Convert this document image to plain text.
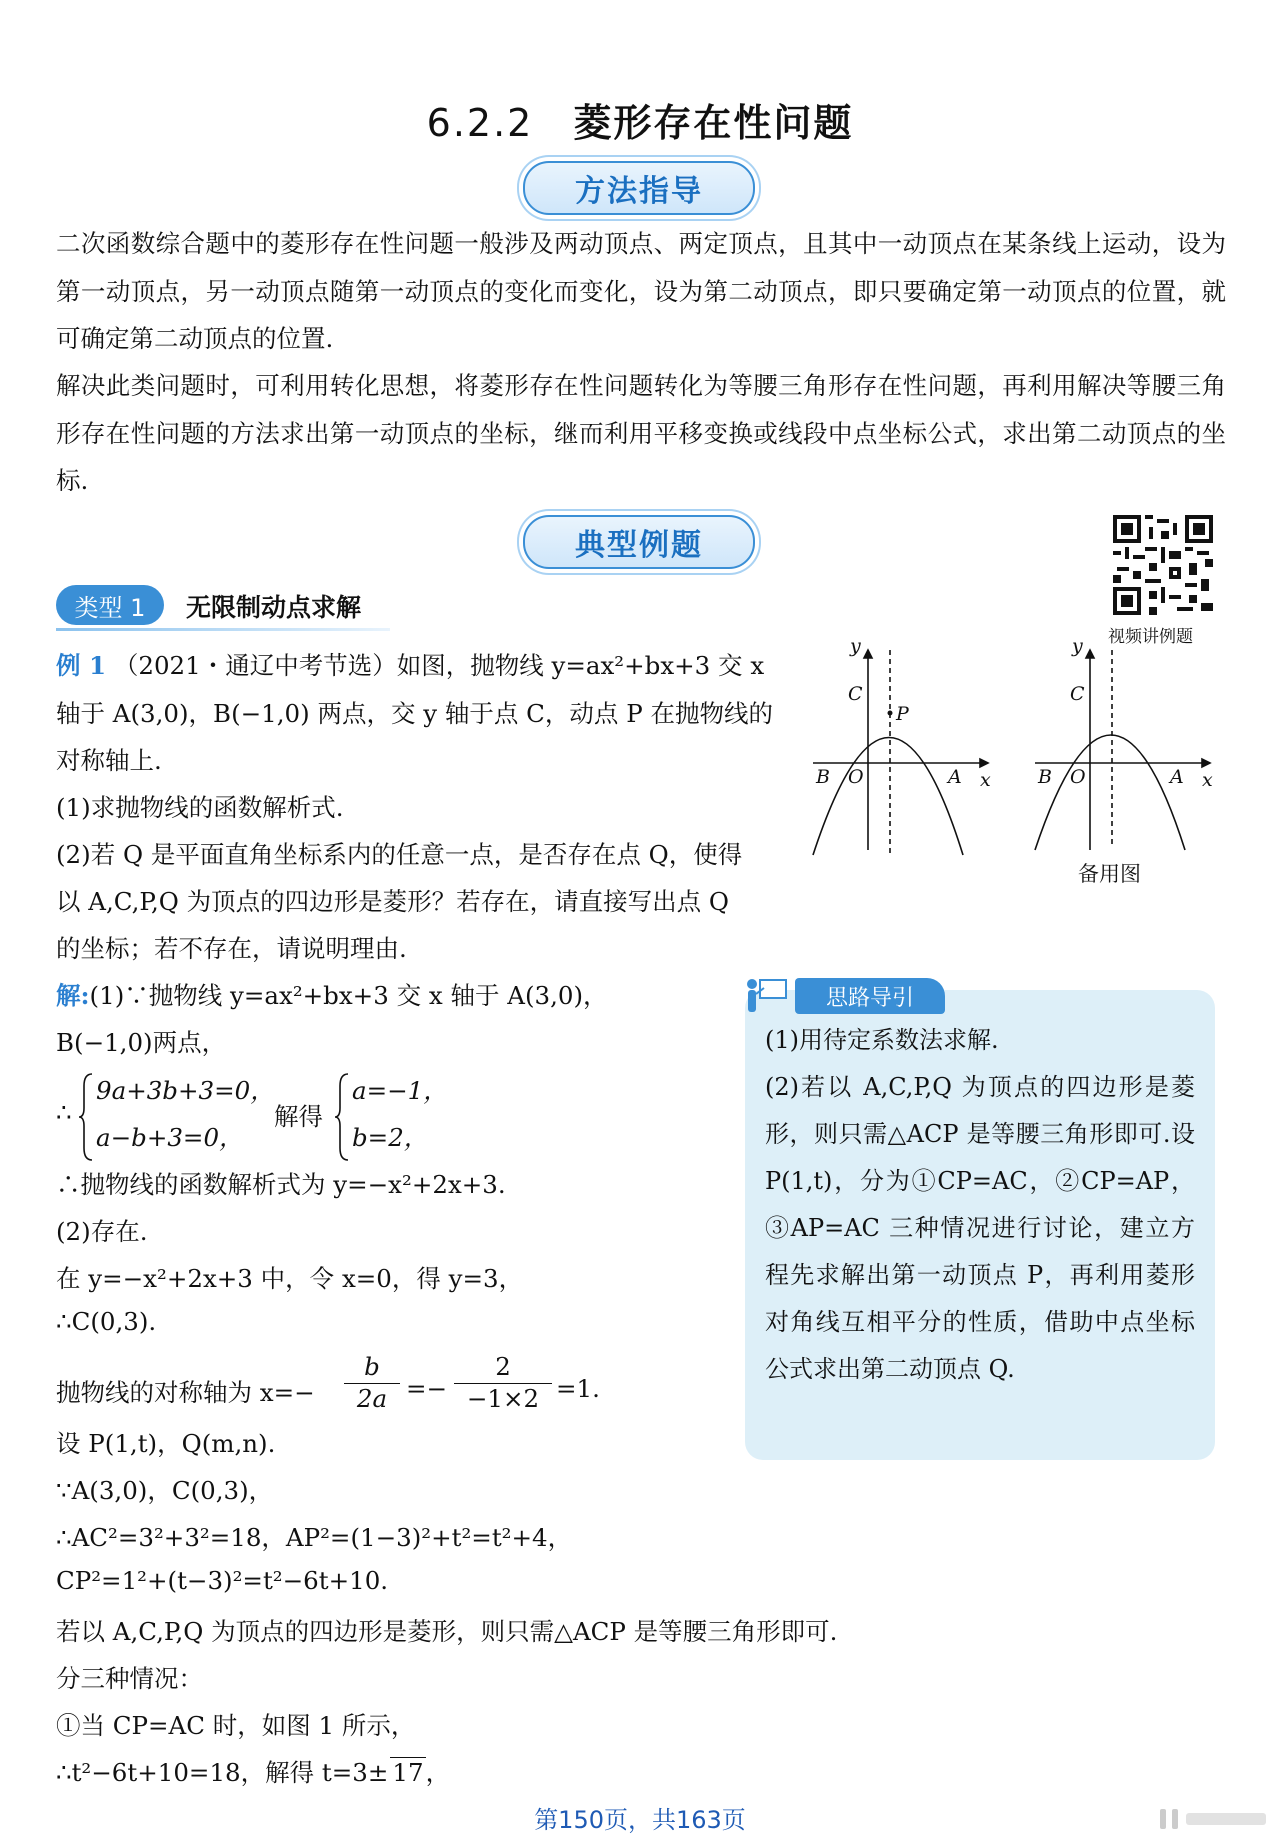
6.2.2 菱形存在性问题
方法指导
二次函数综合题中的菱形存在性问题一般涉及两动顶点、两定顶点，且其中一动顶点在某条线上运动，设为第一动顶点，另一动顶点随第一动顶点的变化而变化，设为第二动顶点，即只要确定第一动顶点的位置，就可确定第二动顶点的位置.
解决此类问题时，可利用转化思想，将菱形存在性问题转化为等腰三角形存在性问题，再利用解决等腰三角形存在性问题的方法求出第一动顶点的坐标，继而利用平移变换或线段中点坐标公式，求出第二动顶点的坐标.
典型例题
视频讲例题
类型 1	无限制动点求解
例 1 （2021・通辽中考节选）如图，抛物线 y=ax²+bx+3 交 x
轴于 A(3,0)，B(−1,0) 两点，交 y 轴于点 C，动点 P 在抛物线的
对称轴上.
(1)求抛物线的函数解析式.
(2)若 Q 是平面直角坐标系内的任意一点，是否存在点 Q，使得
以 A,C,P,Q 为顶点的四边形是菱形？若存在，请直接写出点 Q
的坐标；若不存在，请说明理由.
y
x
C
P
B O	A
y
x
C
B O	A
备用图
思路导引
(1)用待定系数法求解.
(2)若以 A,C,P,Q 为顶点的四边形是菱形，则只需△ACP 是等腰三角形即可.设 P(1,t)，分为①CP=AC，②CP=AP，③AP=AC 三种情况进行讨论，建立方程先求解出第一动顶点 P，再利用菱形对角线互相平分的性质，借助中点坐标公式求出第二动顶点 Q.
解:(1)∵抛物线 y=ax²+bx+3 交 x 轴于 A(3,0)，
B(−1,0)两点，
∴
9a+3b+3=0，
a−b+3=0，
解得
a=−1，
b=2，
∴抛物线的函数解析式为 y=−x²+2x+3.
(2)存在.
在 y=−x²+2x+3 中，令 x=0，得 y=3，
∴C(0,3).
抛物线的对称轴为 x=−
b
2a =−
2
−1×2 =1.
设 P(1,t)，Q(m,n).
∵A(3,0)，C(0,3)，
∴AC²=3²+3²=18，AP²=(1−3)²+t²=t²+4，
CP²=1²+(t−3)²=t²−6t+10.
若以 A,C,P,Q 为顶点的四边形是菱形，则只需△ACP 是等腰三角形即可.
分三种情况：
①当 CP=AC 时，如图 1 所示，
∴t²−6t+10=18，解得 t=3± 17，
第150页，共163页
